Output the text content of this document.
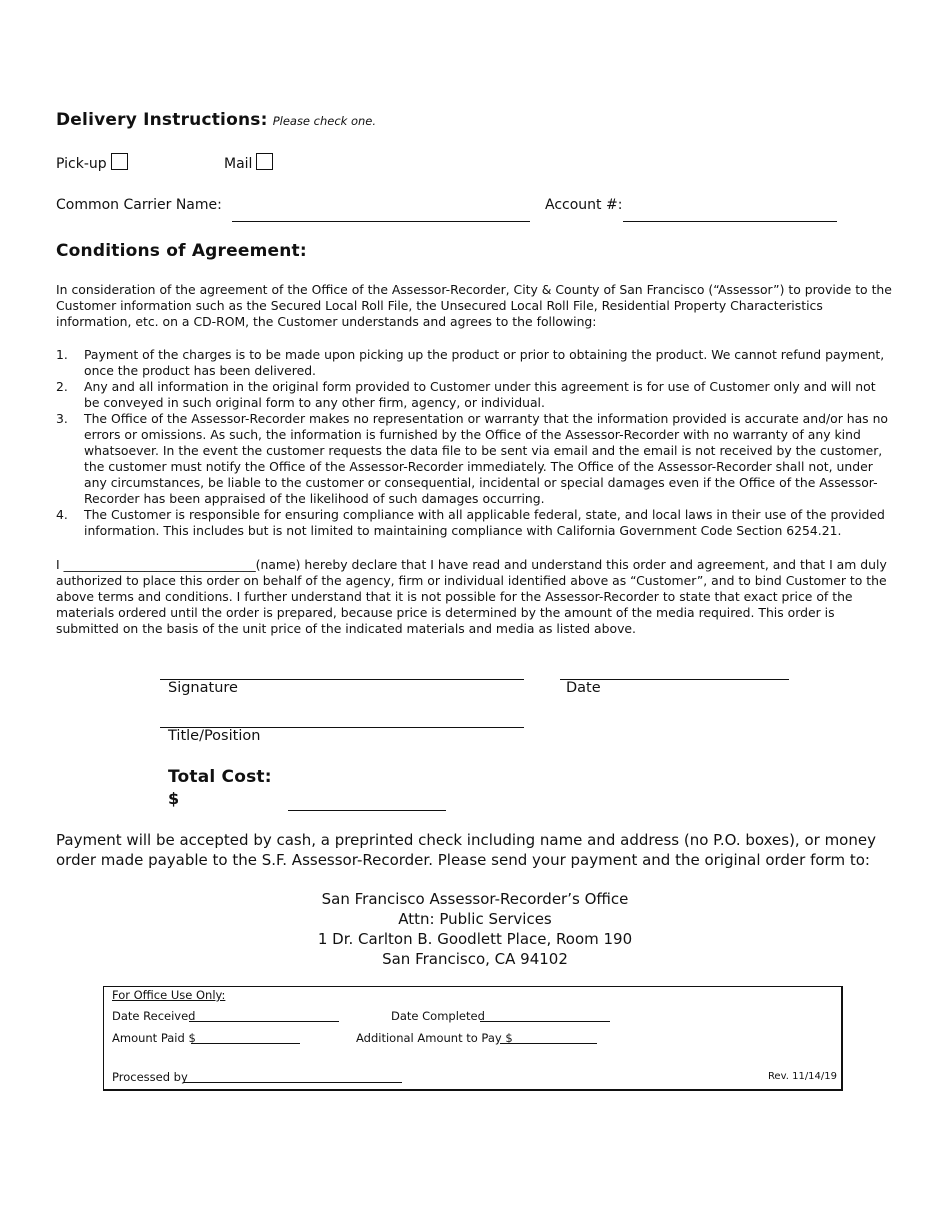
Delivery Instructions: Please check one.
Pick-up	Mail
Common Carrier Name:	Account #:
Conditions of Agreement:
In consideration of the agreement of the Office of the Assessor-Recorder, City & County of San Francisco (“Assessor”) to provide to the Customer information such as the Secured Local Roll File, the Unsecured Local Roll File, Residential Property Characteristics information, etc. on a CD-ROM, the Customer understands and agrees to the following:
1. Payment of the charges is to be made upon picking up the product or prior to obtaining the product. We cannot refund payment, once the product has been delivered.
2. Any and all information in the original form provided to Customer under this agreement is for use of Customer only and will not be conveyed in such original form to any other firm, agency, or individual.
3. The Office of the Assessor-Recorder makes no representation or warranty that the information provided is accurate and/or has no errors or omissions. As such, the information is furnished by the Office of the Assessor-Recorder with no warranty of any kind whatsoever. In the event the customer requests the data file to be sent via email and the email is not received by the customer, the customer must notify the Office of the Assessor-Recorder immediately. The Office of the Assessor-Recorder shall not, under any circumstances, be liable to the customer or consequential, incidental or special damages even if the Office of the Assessor-Recorder has been appraised of the likelihood of such damages occurring.
4. The Customer is responsible for ensuring compliance with all applicable federal, state, and local laws in their use of the provided information. This includes but is not limited to maintaining compliance with California Government Code Section 6254.21.
I _______________________________(name) hereby declare that I have read and understand this order and agreement, and that I am duly authorized to place this order on behalf of the agency, firm or individual identified above as “Customer”, and to bind Customer to the above terms and conditions. I further understand that it is not possible for the Assessor-Recorder to state that exact price of the materials ordered until the order is prepared, because price is determined by the amount of the media required. This order is submitted on the basis of the unit price of the indicated materials and media as listed above.
Signature	Date
Title/Position
Total Cost:
$
Payment will be accepted by cash, a preprinted check including name and address (no P.O. boxes), or money order made payable to the S.F. Assessor-Recorder. Please send your payment and the original order form to:
San Francisco Assessor-Recorder’s Office
Attn: Public Services
1 Dr. Carlton B. Goodlett Place, Room 190
San Francisco, CA 94102
For Office Use Only:
Date Received	Date Completed
Amount Paid $	Additional Amount to Pay $
Processed by	Rev. 11/14/19
